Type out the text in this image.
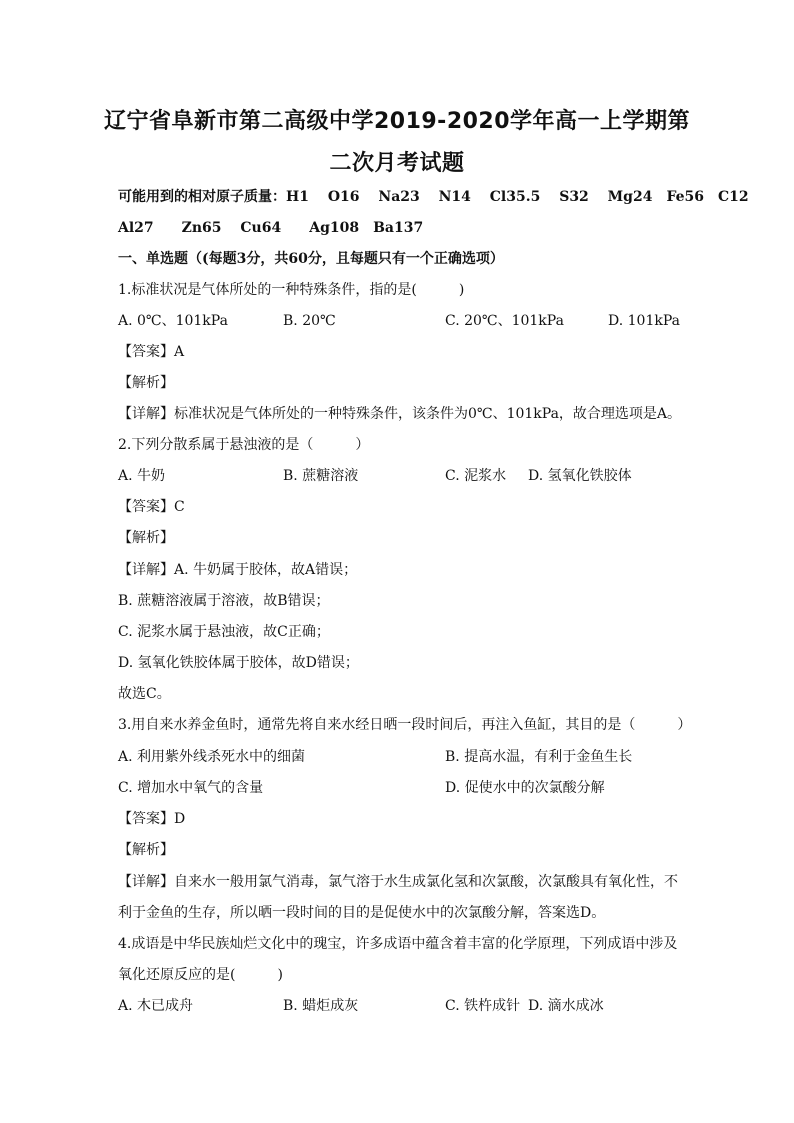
辽宁省阜新市第二高级中学2019-2020学年高一上学期第
二次月考试题
可能用到的相对原子质量：H1　 O16　 Na23　 N14　 Cl35.5　 S32　 Mg24　Fe56　C12
Al27　　Zn65　 Cu64　　Ag108　Ba137
一、单选题（(每题3分，共60分，且每题只有一个正确选项）
1.标准状况是气体所处的一种特殊条件，指的是(　　　)
A. 0℃、101kPa	B. 20℃	C. 20℃、101kPa	D. 101kPa
【答案】A
【解析】
【详解】标准状况是气体所处的一种特殊条件，该条件为0℃、101kPa，故合理选项是A。
2.下列分散系属于悬浊液的是（　　　）
A. 牛奶	B. 蔗糖溶液	C. 泥浆水 D. 氢氧化铁胶体
【答案】C
【解析】
【详解】A. 牛奶属于胶体，故A错误；
B. 蔗糖溶液属于溶液，故B错误；
C. 泥浆水属于悬浊液，故C正确；
D. 氢氧化铁胶体属于胶体，故D错误；
故选C。
3.用自来水养金鱼时，通常先将自来水经日晒一段时间后，再注入鱼缸，其目的是（　　　）
A. 利用紫外线杀死水中的细菌	B. 提高水温，有利于金鱼生长
C. 增加水中氧气的含量	D. 促使水中的次氯酸分解
【答案】D
【解析】
【详解】自来水一般用氯气消毒，氯气溶于水生成氯化氢和次氯酸，次氯酸具有氧化性，不
利于金鱼的生存，所以晒一段时间的目的是促使水中的次氯酸分解，答案选D。
4.成语是中华民族灿烂文化中的瑰宝，许多成语中蕴含着丰富的化学原理，下列成语中涉及
氧化还原反应的是(　　　)
A. 木已成舟	B. 蜡炬成灰	C. 铁杵成针 D. 滴水成冰
